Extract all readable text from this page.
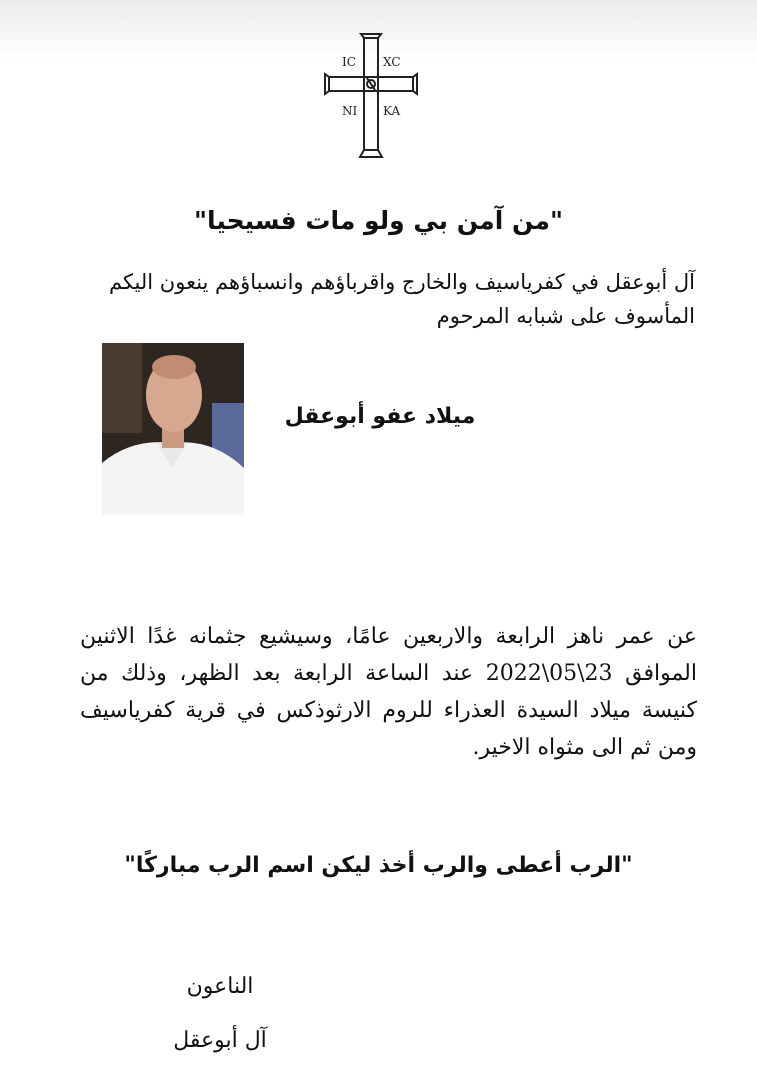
IC XC
NI KA
"من آمن بي ولو مات فسيحيا"
آل أبوعقل في كفرياسيف والخارج واقرباؤهم وانسباؤهم ينعون اليكم المأسوف على شبابه المرحوم
ميلاد عفو أبوعقل
عن عمر ناهز الرابعة والاربعين عامًا، وسيشيع جثمانه غدًا الاثنين الموافق 23\05\2022 عند الساعة الرابعة بعد الظهر، وذلك من كنيسة ميلاد السيدة العذراء للروم الارثوذكس في قرية كفرياسيف ومن ثم الى مثواه الاخير.
"الرب أعطى والرب أخذ ليكن اسم الرب مباركًا"
الناعون
آل أبوعقل
